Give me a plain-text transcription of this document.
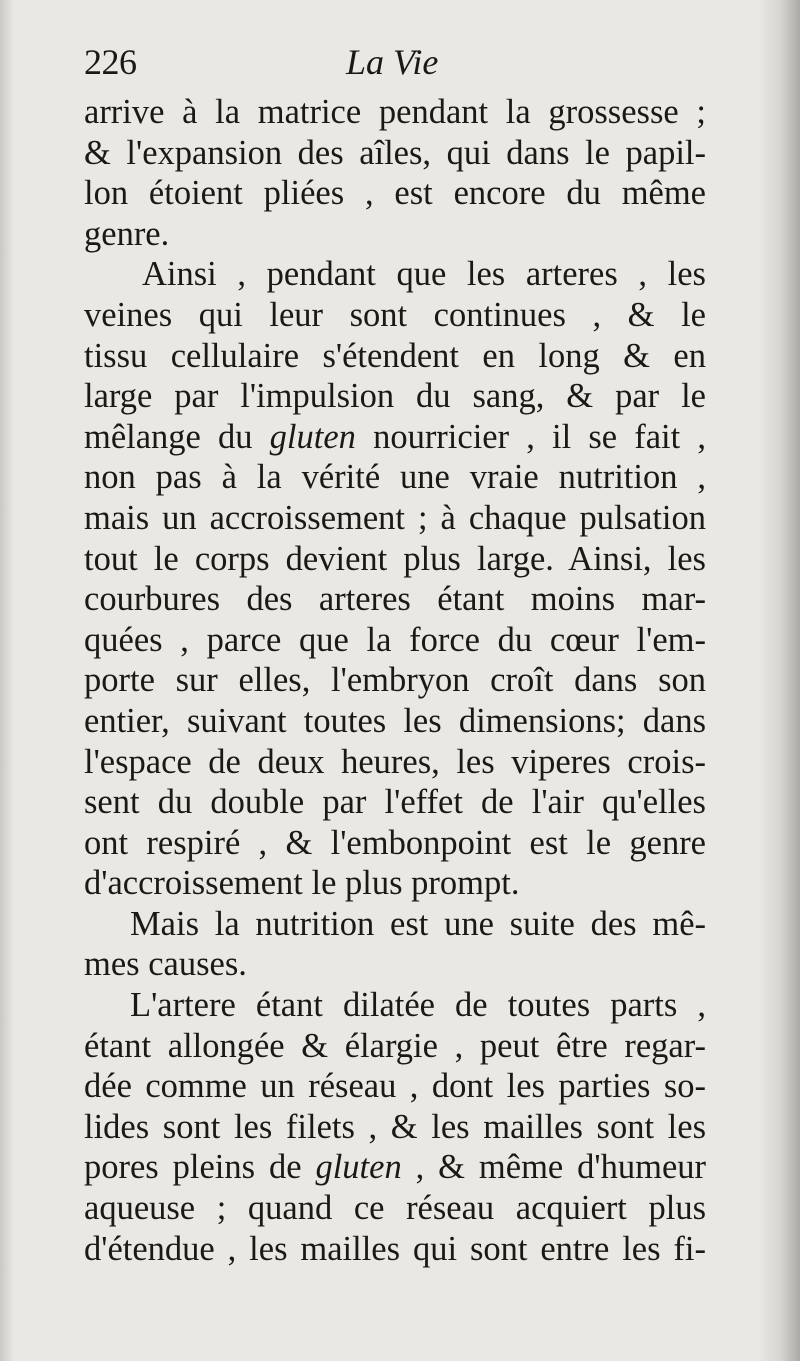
226	La Vie
arrive à la matrice pendant la grossesse ;
& l'expansion des aîles, qui dans le papil-
lon étoient pliées , est encore du même
genre.
Ainsi , pendant que les arteres , les
veines qui leur sont continues , & le
tissu cellulaire s'étendent en long & en
large par l'impulsion du sang, & par le
mêlange du gluten nourricier , il se fait ,
non pas à la vérité une vraie nutrition ,
mais un accroissement ; à chaque pulsation
tout le corps devient plus large. Ainsi, les
courbures des arteres étant moins mar-
quées , parce que la force du cœur l'em-
porte sur elles, l'embryon croît dans son
entier, suivant toutes les dimensions; dans
l'espace de deux heures, les viperes crois-
sent du double par l'effet de l'air qu'elles
ont respiré , & l'embonpoint est le genre
d'accroissement le plus prompt.
Mais la nutrition est une suite des mê-
mes causes.
L'artere étant dilatée de toutes parts ,
étant allongée & élargie , peut être regar-
dée comme un réseau , dont les parties so-
lides sont les filets , & les mailles sont les
pores pleins de gluten , & même d'humeur
aqueuse ; quand ce réseau acquiert plus
d'étendue , les mailles qui sont entre les fi-
